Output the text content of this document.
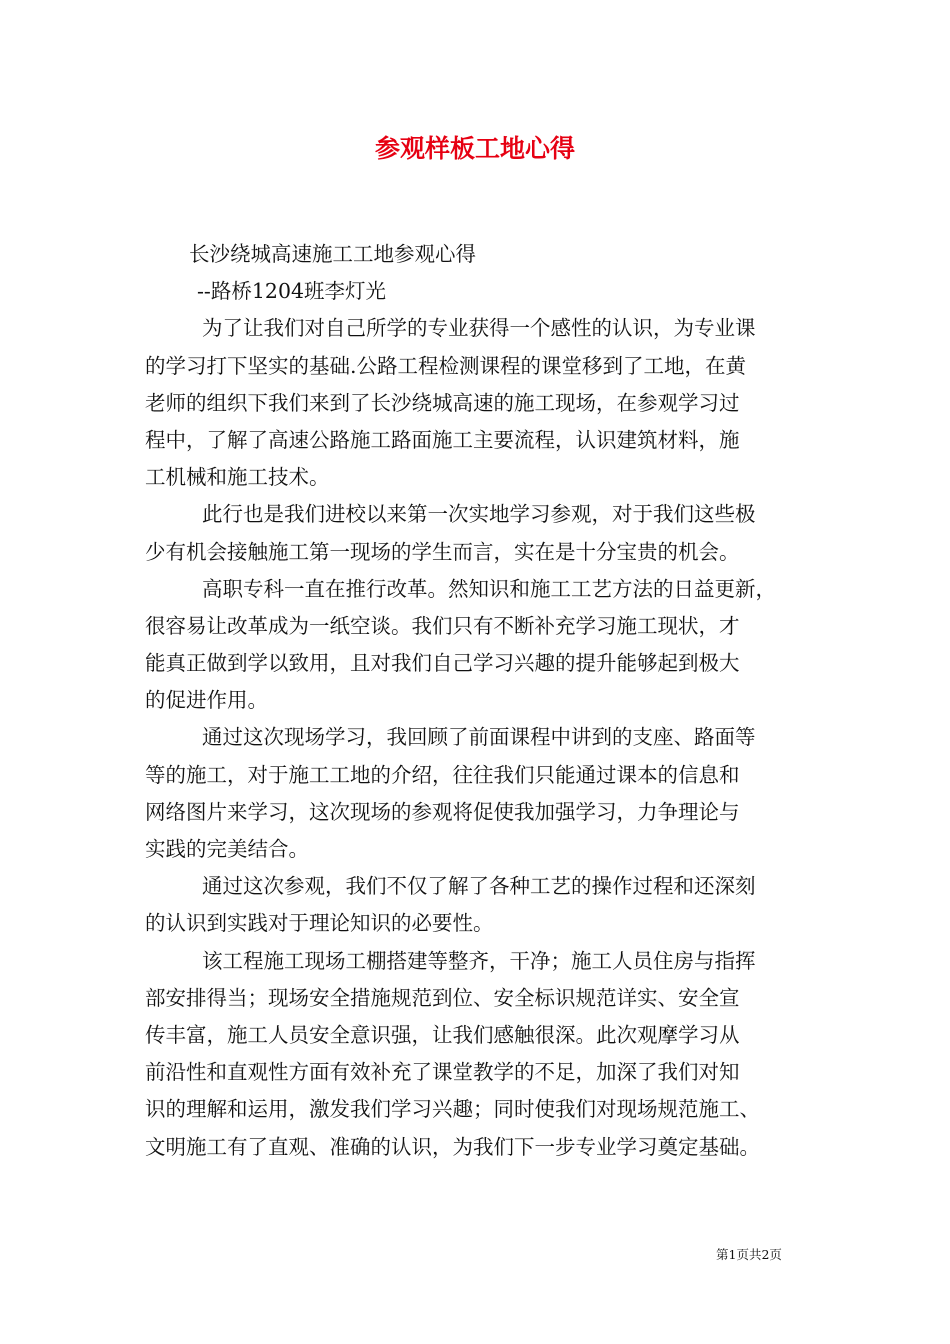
参观样板工地心得

长沙绕城高速施工工地参观心得

--路桥1204班李灯光

为了让我们对自己所学的专业获得一个感性的认识，为专业课

的学习打下坚实的基础.公路工程检测课程的课堂移到了工地，在黄

老师的组织下我们来到了长沙绕城高速的施工现场，在参观学习过

程中，了解了高速公路施工路面施工主要流程，认识建筑材料，施

工机械和施工技术。

此行也是我们进校以来第一次实地学习参观，对于我们这些极

少有机会接触施工第一现场的学生而言，实在是十分宝贵的机会。

高职专科一直在推行改革。然知识和施工工艺方法的日益更新，

很容易让改革成为一纸空谈。我们只有不断补充学习施工现状，才

能真正做到学以致用，且对我们自己学习兴趣的提升能够起到极大

的促进作用。

通过这次现场学习，我回顾了前面课程中讲到的支座、路面等

等的施工，对于施工工地的介绍，往往我们只能通过课本的信息和

网络图片来学习，这次现场的参观将促使我加强学习，力争理论与

实践的完美结合。

通过这次参观，我们不仅了解了各种工艺的操作过程和还深刻

的认识到实践对于理论知识的必要性。

该工程施工现场工棚搭建等整齐，干净；施工人员住房与指挥

部安排得当；现场安全措施规范到位、安全标识规范详实、安全宣

传丰富，施工人员安全意识强，让我们感触很深。此次观摩学习从

前沿性和直观性方面有效补充了课堂教学的不足，加深了我们对知

识的理解和运用，激发我们学习兴趣；同时使我们对现场规范施工、

文明施工有了直观、准确的认识，为我们下一步专业学习奠定基础。

第1页共2页
